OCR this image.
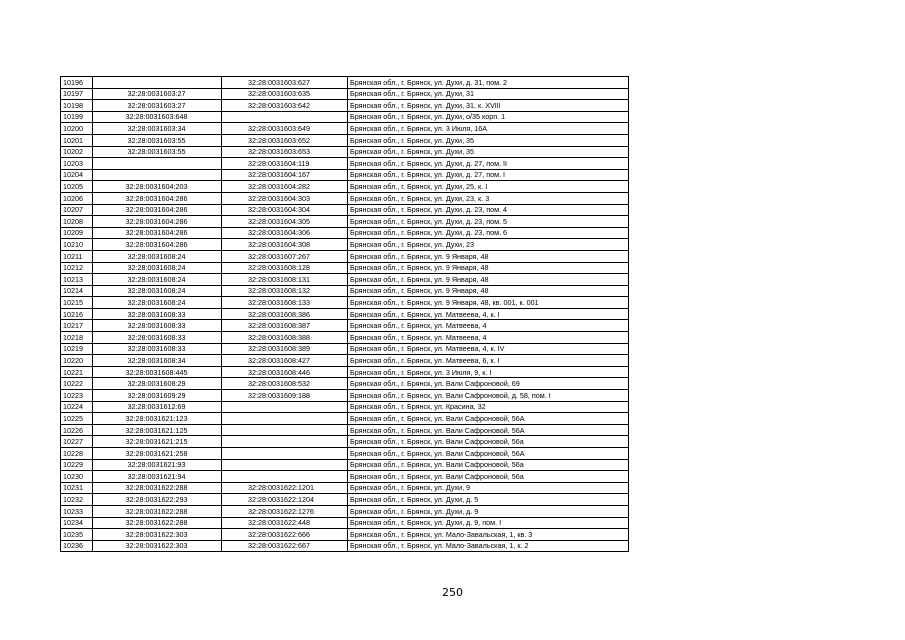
10196		32:28:0031603:627	Брянская обл., г. Брянск, ул. Духи, д. 31, пом. 2
10197	32:28:0031603:27	32:28:0031603:635	Брянская обл., г. Брянск, ул. Духи, 31
10198	32:28:0031603:27	32:28:0031603:642	Брянская обл., г. Брянск, ул. Духи, 31, к. XVIII
10199	32:28:0031603:648		Брянская обл., г. Брянск, ул. Духи, о/35 корп. 1
10200	32:28:0031603:34	32:28:0031603:649	Брянская обл., г. Брянск, ул. 3 Июля, 16А
10201	32:28:0031603:55	32:28:0031603:652	Брянская обл., г. Брянск, ул. Духи, 35
10202	32:28:0031603:55	32:28:0031603:653	Брянская обл., г. Брянск, ул. Духи, 35
10203		32:28:0031604:119	Брянская обл., г. Брянск, ул. Духи, д. 27, пом. II
10204		32:28:0031604:167	Брянская обл., г. Брянск, ул. Духи, д. 27, пом. I
10205	32:28:0031604:203	32:28:0031604:282	Брянская обл., г. Брянск, ул. Духи, 25, к. I
10206	32:28:0031604:286	32:28:0031604:303	Брянская обл., г. Брянск, ул. Духи, 23, к. 3
10207	32:28:0031604:286	32:28:0031604:304	Брянская обл., г. Брянск, ул. Духи, д. 23, пом. 4
10208	32:28:0031604:286	32:28:0031604:305	Брянская обл., г. Брянск, ул. Духи, д. 23, пом. 5
10209	32:28:0031604:286	32:28:0031604:306	Брянская обл., г. Брянск, ул. Духи, д. 23, пом. 6
10210	32:28:0031604:286	32:28:0031604:308	Брянская обл., г. Брянск, ул. Духи, 23
10211	32:28:0031608:24	32:28:0031607:267	Брянская обл., г. Брянск, ул. 9 Января, 48
10212	32:28:0031608:24	32:28:0031608:128	Брянская обл., г. Брянск, ул. 9 Января, 48
10213	32:28:0031608:24	32:28:0031608:131	Брянская обл., г. Брянск, ул. 9 Января, 48
10214	32:28:0031608:24	32:28:0031608:132	Брянская обл., г. Брянск, ул. 9 Января, 48
10215	32:28:0031608:24	32:28:0031608:133	Брянская обл., г. Брянск, ул. 9 Января, 48, кв. 001, к. 001
10216	32:28:0031608:33	32:28:0031608:386	Брянская обл., г. Брянск, ул. Матвеева, 4, к. I
10217	32:28:0031608:33	32:28:0031608:387	Брянская обл., г. Брянск, ул. Матвеева, 4
10218	32:28:0031608:33	32:28:0031608:388	Брянская обл., г. Брянск, ул. Матвеева, 4
10219	32:28:0031608:33	32:28:0031608:389	Брянская обл., г. Брянск, ул. Матвеева, 4, к. IV
10220	32:28:0031608:34	32:28:0031608:427	Брянская обл., г. Брянск, ул. Матвеева, 6, к. I
10221	32:28:0031608:445	32:28:0031608:446	Брянская обл., г. Брянск, ул. 3 Июля, 9, к. I
10222	32:28:0031608:29	32:28:0031608:532	Брянская обл., г. Брянск, ул. Вали Сафроновой, 69
10223	32:28:0031609:29	32:28:0031609:188	Брянская обл., г. Брянск, ул. Вали Сафроновой, д. 58, пом. I
10224	32:28:0031612:69		Брянская обл., г. Брянск, ул. Красина, 32
10225	32:28:0031621:123		Брянская обл., г. Брянск, ул. Вали Сафроновой, 56А
10226	32:28:0031621:125		Брянская обл., г. Брянск, ул. Вали Сафроновой, 56А
10227	32:28:0031621:215		Брянская обл., г. Брянск, ул. Вали Сафроновой, 56а
10228	32:28:0031621:258		Брянская обл., г. Брянск, ул. Вали Сафроновой, 56А
10229	32:28:0031621:93		Брянская обл., г. Брянск, ул. Вали Сафроновой, 56а
10230	32:28:0031621:94		Брянская обл., г. Брянск, ул. Вали Сафроновой, 56а
10231	32:28:0031622:288	32:28:0031622:1201	Брянская обл., г. Брянск, ул. Духи, 9
10232	32:28:0031622:293	32:28:0031622:1204	Брянская обл., г. Брянск, ул. Духи, д. 5
10233	32:28:0031622:288	32:28:0031622:1276	Брянская обл., г. Брянск, ул. Духи, д. 9
10234	32:28:0031622:288	32:28:0031622:448	Брянская обл., г. Брянск, ул. Духи, д. 9, пом. I
10235	32:28:0031622:303	32:28:0031622:666	Брянская обл., г. Брянск, ул. Мало-Завальская, 1, кв. 3
10236	32:28:0031622:303	32:28:0031622:667	Брянская обл., г. Брянск, ул. Мало-Завальская, 1, к. 2
250
